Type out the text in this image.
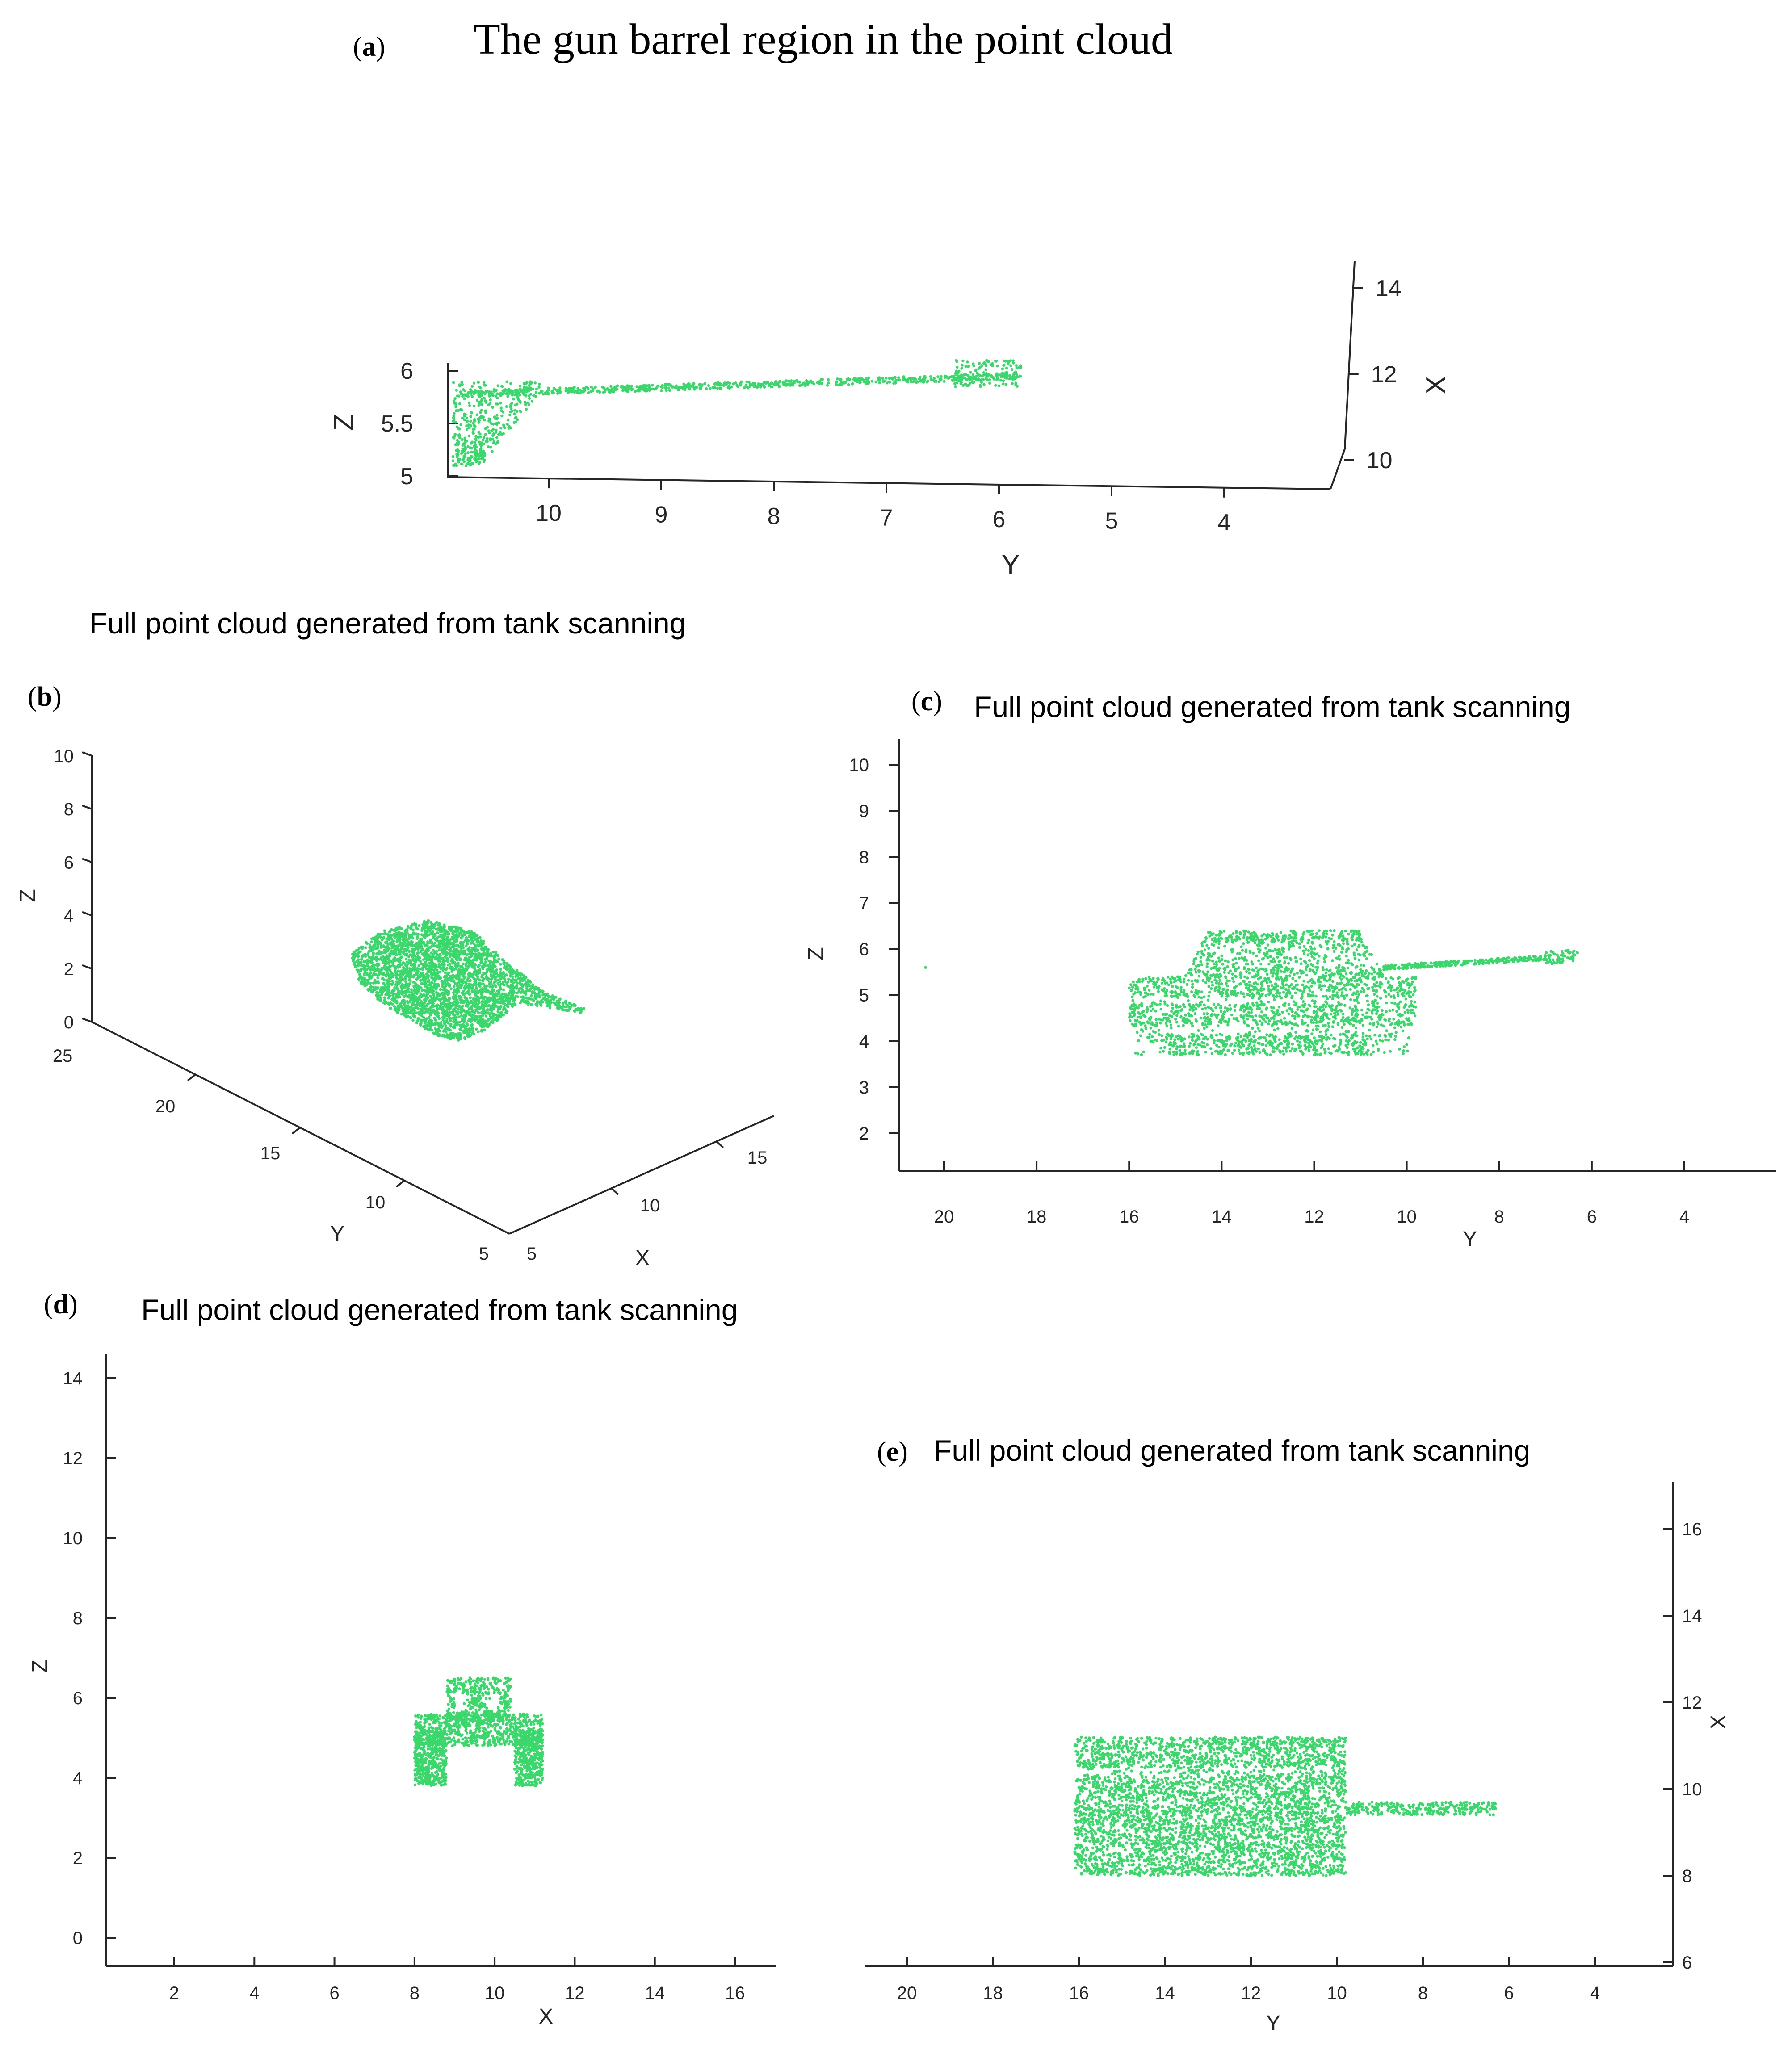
(a) The gun barrel region in the point cloud
10	9	8	7	6	5	4
Y
5
5.5
6
Z
10
12
14
X
Full point cloud generated from tank scanning
(b)
0
2
4
6
8
10
Z
25
20
15
10
5
Y
5
10
15
X
(c) Full point cloud generated from tank scanning
2
3
4
5
6
7
8
9
10
Z
20	18	16	14	12	10	8	6	4
Y
(d) Full point cloud generated from tank scanning
0
2
4
6
8
10
12
14
Z
2	4	6	8	10	12	14	16
X
(e) Full point cloud generated from tank scanning
6
8
10
12
14
16
X
20	18	16	14	12	10	8	6	4
Y
